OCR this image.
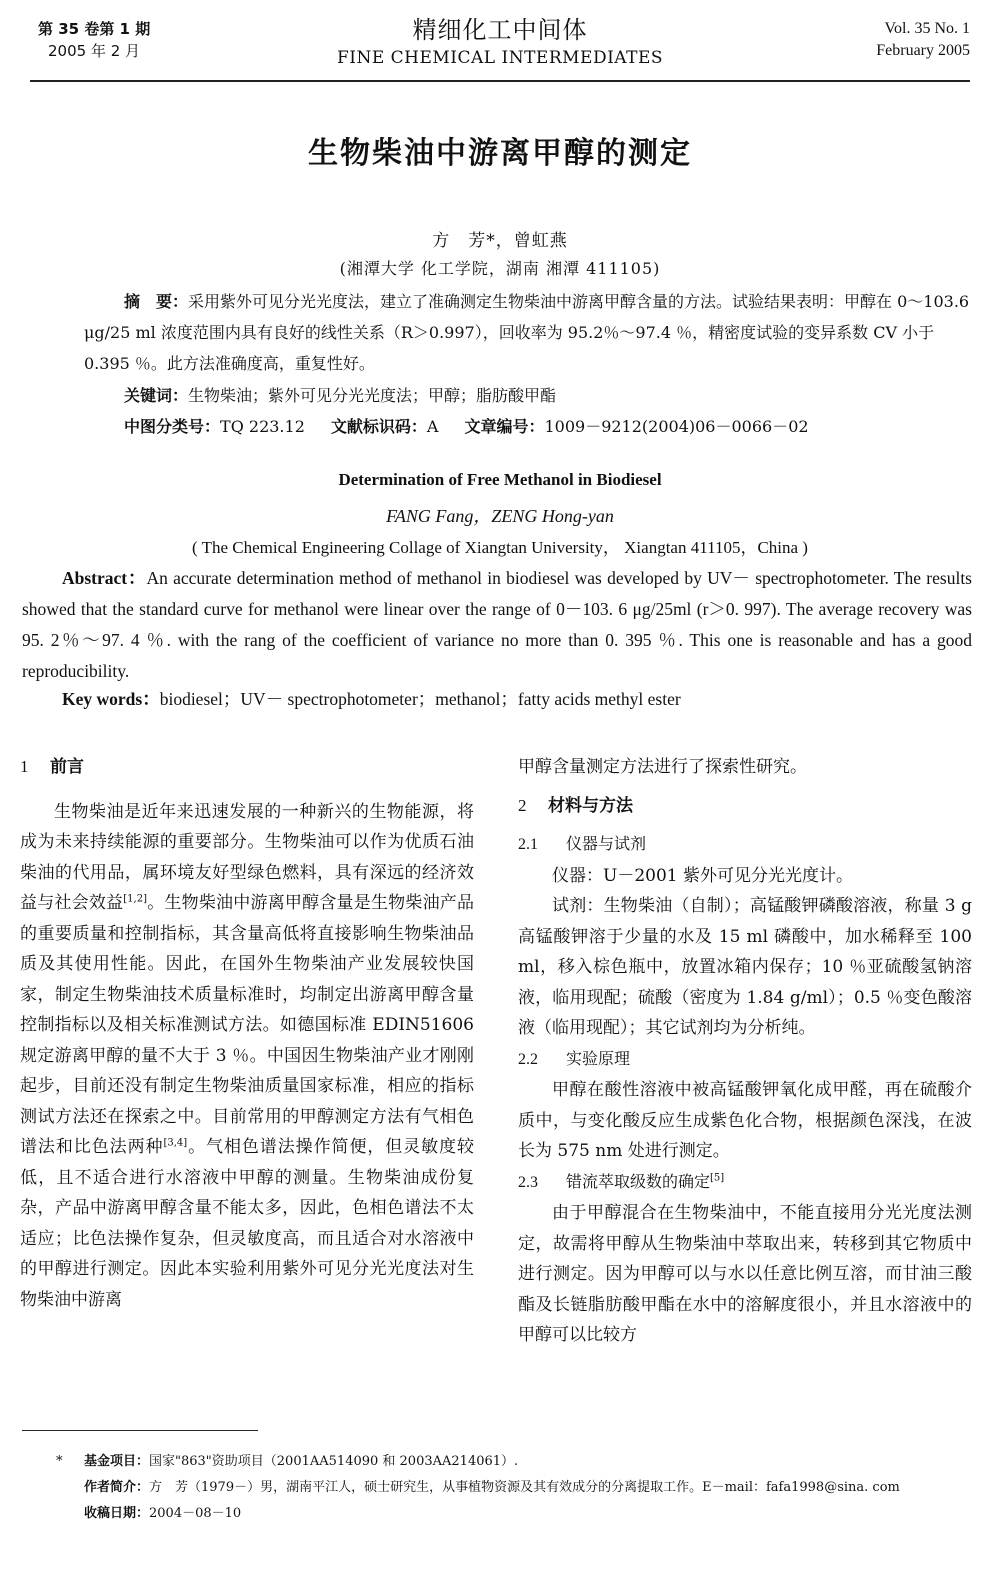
第 35 卷第 1 期
2005 年 2 月
精细化工中间体
FINE CHEMICAL INTERMEDIATES
Vol. 35 No. 1
February 2005
生物柴油中游离甲醇的测定
方　芳*，曾虹燕
(湘潭大学 化工学院，湖南 湘潭 411105)
摘　要：采用紫外可见分光光度法，建立了准确测定生物柴油中游离甲醇含量的方法。试验结果表明：甲醇在 0～103.6 μg/25 ml 浓度范围内具有良好的线性关系（R＞0.997），回收率为 95.2％～97.4 ％，精密度试验的变异系数 CV 小于 0.395 ％。此方法准确度高，重复性好。
关键词：生物柴油；紫外可见分光光度法；甲醇；脂肪酸甲酯
中图分类号：TQ 223.12 文献标识码：A 文章编号：1009－9212(2004)06－0066－02
Determination of Free Methanol in Biodiesel
FANG Fang，ZENG Hong-yan
( The Chemical Engineering Collage of Xiangtan University， Xiangtan 411105，China )
Abstract：An accurate determination method of methanol in biodiesel was developed by UV－ spectrophotometer. The results showed that the standard curve for methanol were linear over the range of 0－103. 6 μg/25ml (r＞0. 997). The average recovery was 95. 2％～97. 4 ％. with the rang of the coefficient of variance no more than 0. 395 ％. This one is reasonable and has a good reproducibility.
Key words：biodiesel；UV－ spectrophotometer；methanol；fatty acids methyl ester

1 前言

生物柴油是近年来迅速发展的一种新兴的生物能源，将成为未来持续能源的重要部分。生物柴油可以作为优质石油柴油的代用品，属环境友好型绿色燃料，具有深远的经济效益与社会效益[1,2]。生物柴油中游离甲醇含量是生物柴油产品的重要质量和控制指标，其含量高低将直接影响生物柴油品质及其使用性能。因此，在国外生物柴油产业发展较快国家，制定生物柴油技术质量标准时，均制定出游离甲醇含量控制指标以及相关标准测试方法。如德国标准 EDIN51606 规定游离甲醇的量不大于 3 ％。中国因生物柴油产业才刚刚起步，目前还没有制定生物柴油质量国家标准，相应的指标测试方法还在探索之中。目前常用的甲醇测定方法有气相色谱法和比色法两种[3,4]。气相色谱法操作简便，但灵敏度较低，且不适合进行水溶液中甲醇的测量。生物柴油成份复杂，产品中游离甲醇含量不能太多，因此，色相色谱法不太适应；比色法操作复杂，但灵敏度高，而且适合对水溶液中的甲醇进行测定。因此本实验利用紫外可见分光光度法对生物柴油中游离

甲醇含量测定方法进行了探索性研究。

2 材料与方法

2.1 仪器与试剂

仪器：U－2001 紫外可见分光光度计。

试剂：生物柴油（自制）；高锰酸钾磷酸溶液，称量 3 g 高锰酸钾溶于少量的水及 15 ml 磷酸中，加水稀释至 100 ml，移入棕色瓶中，放置冰箱内保存；10 ％亚硫酸氢钠溶液，临用现配；硫酸（密度为 1.84 g/ml）；0.5 ％变色酸溶液（临用现配）；其它试剂均为分析纯。

2.2 实验原理

甲醇在酸性溶液中被高锰酸钾氧化成甲醛，再在硫酸介质中，与变化酸反应生成紫色化合物，根据颜色深浅，在波长为 575 nm 处进行测定。

2.3 错流萃取级数的确定[5]

由于甲醇混合在生物柴油中，不能直接用分光光度法测定，故需将甲醇从生物柴油中萃取出来，转移到其它物质中进行测定。因为甲醇可以与水以任意比例互溶，而甘油三酸酯及长链脂肪酸甲酯在水中的溶解度很小，并且水溶液中的甲醇可以比较方

* 基金项目：国家"863"资助项目（2001AA514090 和 2003AA214061）.
作者简介：方　芳（1979－）男，湖南平江人，硕士研究生，从事植物资源及其有效成分的分离提取工作。E－mail：fafa1998@sina. com
收稿日期：2004－08－10
